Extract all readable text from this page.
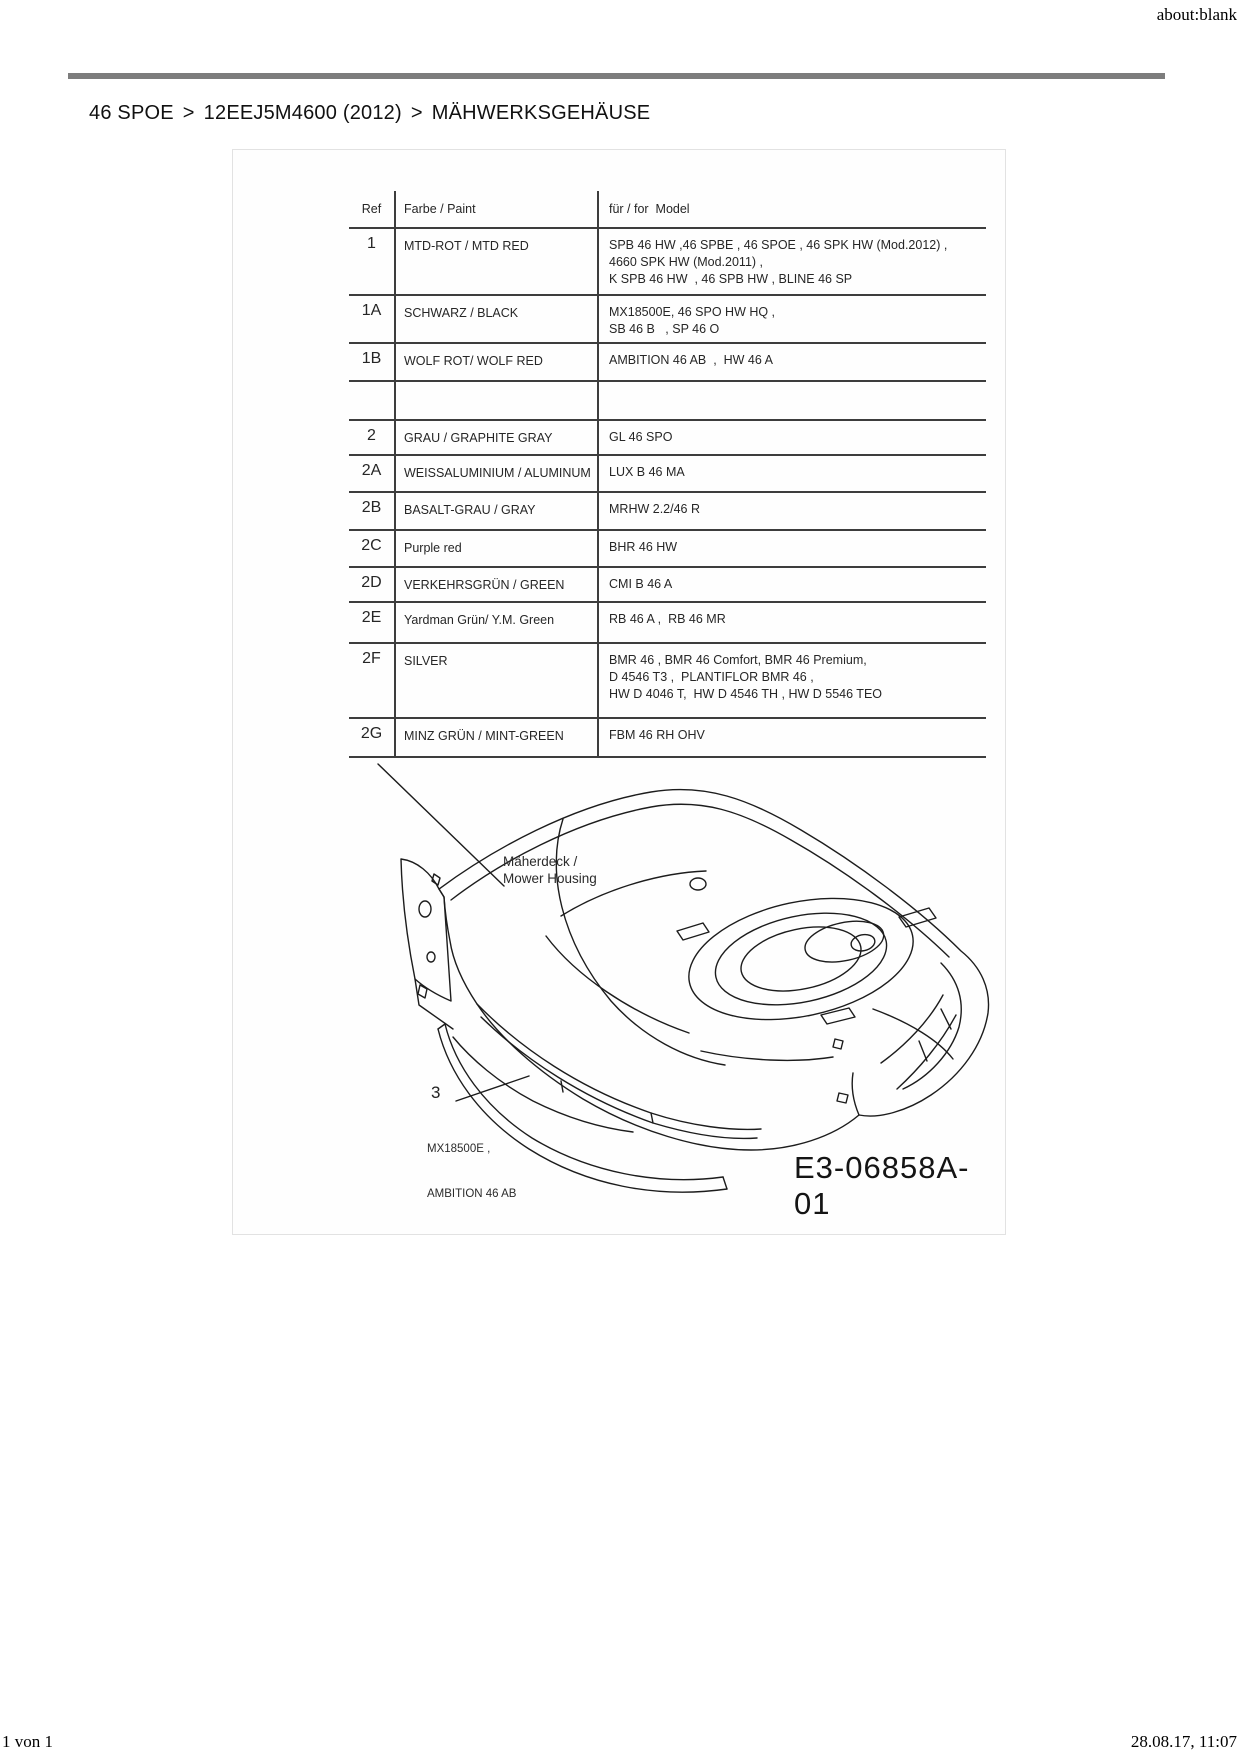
about:blank
46 SPOE > 12EEJ5M4600 (2012) > MÄHWERKSGEHÄUSE
Ref	Farbe / Paint	für / for  Model
1	MTD-ROT / MTD RED	SPB 46 HW ,46 SPBE , 46 SPOE , 46 SPK HW (Mod.2012) ,
4660 SPK HW (Mod.2011) ,
K SPB 46 HW  , 46 SPB HW , BLINE 46 SP
1A	SCHWARZ / BLACK	MX18500E, 46 SPO HW HQ ,
SB 46 B   , SP 46 O
1B	WOLF ROT/ WOLF RED	AMBITION 46 AB  ,  HW 46 A
2	GRAU / GRAPHITE GRAY	GL 46 SPO
2A	WEISSALUMINIUM / ALUMINUM	LUX B 46 MA
2B	BASALT-GRAU / GRAY	MRHW 2.2/46 R
2C	Purple red	BHR 46 HW
2D	VERKEHRSGRÜN / GREEN	CMI B 46 A
2E	Yardman Grün/ Y.M. Green	RB 46 A ,  RB 46 MR
2F	SILVER	BMR 46 , BMR 46 Comfort, BMR 46 Premium,
D 4546 T3 ,  PLANTIFLOR BMR 46 ,
HW D 4046 T,  HW D 4546 TH , HW D 5546 TEO
2G	MINZ GRÜN / MINT-GREEN	FBM 46 RH OHV
Mäherdeck /
Mower Housing
3

MX18500E ,

AMBITION 46 AB

E3-06858A-01
1 von 1	28.08.17, 11:07
